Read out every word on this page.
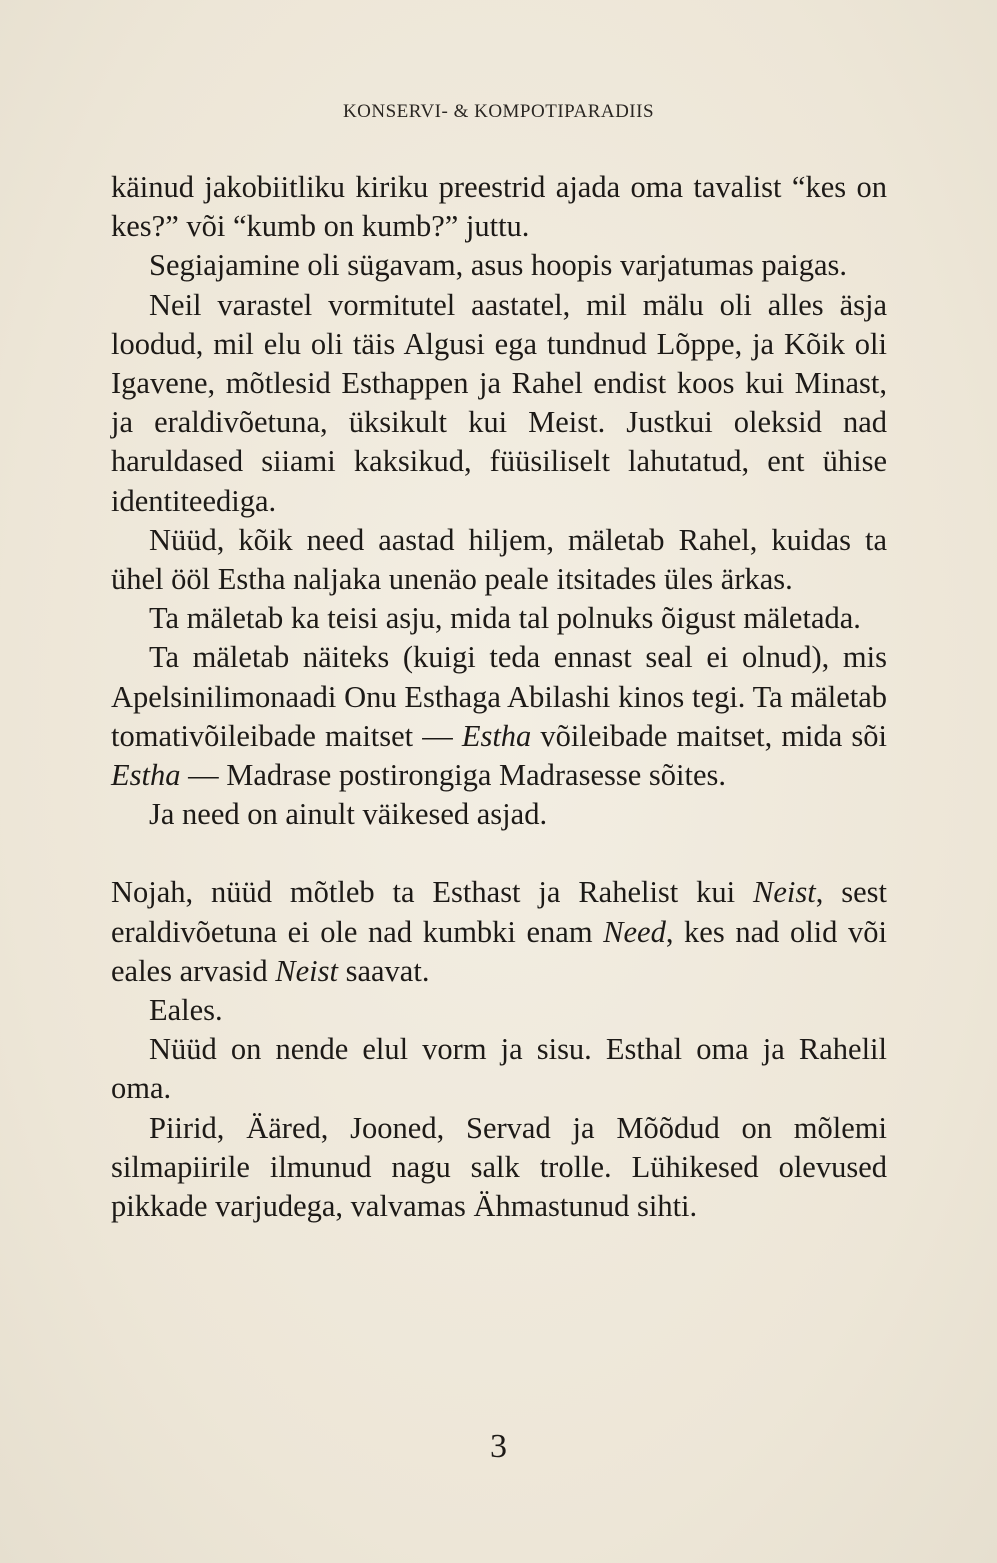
KONSERVI- & KOMPOTIPARADIIS

käinud jakobiitliku kiriku preestrid ajada oma tavalist “kes on kes?” või “kumb on kumb?” juttu.

Segiajamine oli sügavam, asus hoopis varjatumas paigas.

Neil varastel vormitutel aastatel, mil mälu oli alles äsja loodud, mil elu oli täis Algusi ega tundnud Lõppe, ja Kõik oli Igavene, mõtlesid Esthappen ja Rahel endist koos kui Minast, ja eraldivõetuna, üksikult kui Meist. Justkui oleksid nad haruldased siiami kaksikud, füüsiliselt lahutatud, ent ühise identiteediga.

Nüüd, kõik need aastad hiljem, mäletab Rahel, kuidas ta ühel ööl Estha naljaka unenäo peale itsitades üles ärkas.

Ta mäletab ka teisi asju, mida tal polnuks õigust mäletada.

Ta mäletab näiteks (kuigi teda ennast seal ei olnud), mis Apelsinilimonaadi Onu Esthaga Abilashi kinos tegi. Ta mäletab tomativõileibade maitset — Estha võileibade maitset, mida sõi Estha — Madrase postirongiga Madrasesse sõites.

Ja need on ainult väikesed asjad.

Nojah, nüüd mõtleb ta Esthast ja Rahelist kui Neist, sest eraldivõetuna ei ole nad kumbki enam Need, kes nad olid või eales arvasid Neist saavat.

Eales.

Nüüd on nende elul vorm ja sisu. Esthal oma ja Rahelil oma.

Piirid, Ääred, Jooned, Servad ja Mõõdud on mõlemi silmapiirile ilmunud nagu salk trolle. Lühikesed olevused pikkade varjudega, valvamas Ähmastunud sihti.

3
